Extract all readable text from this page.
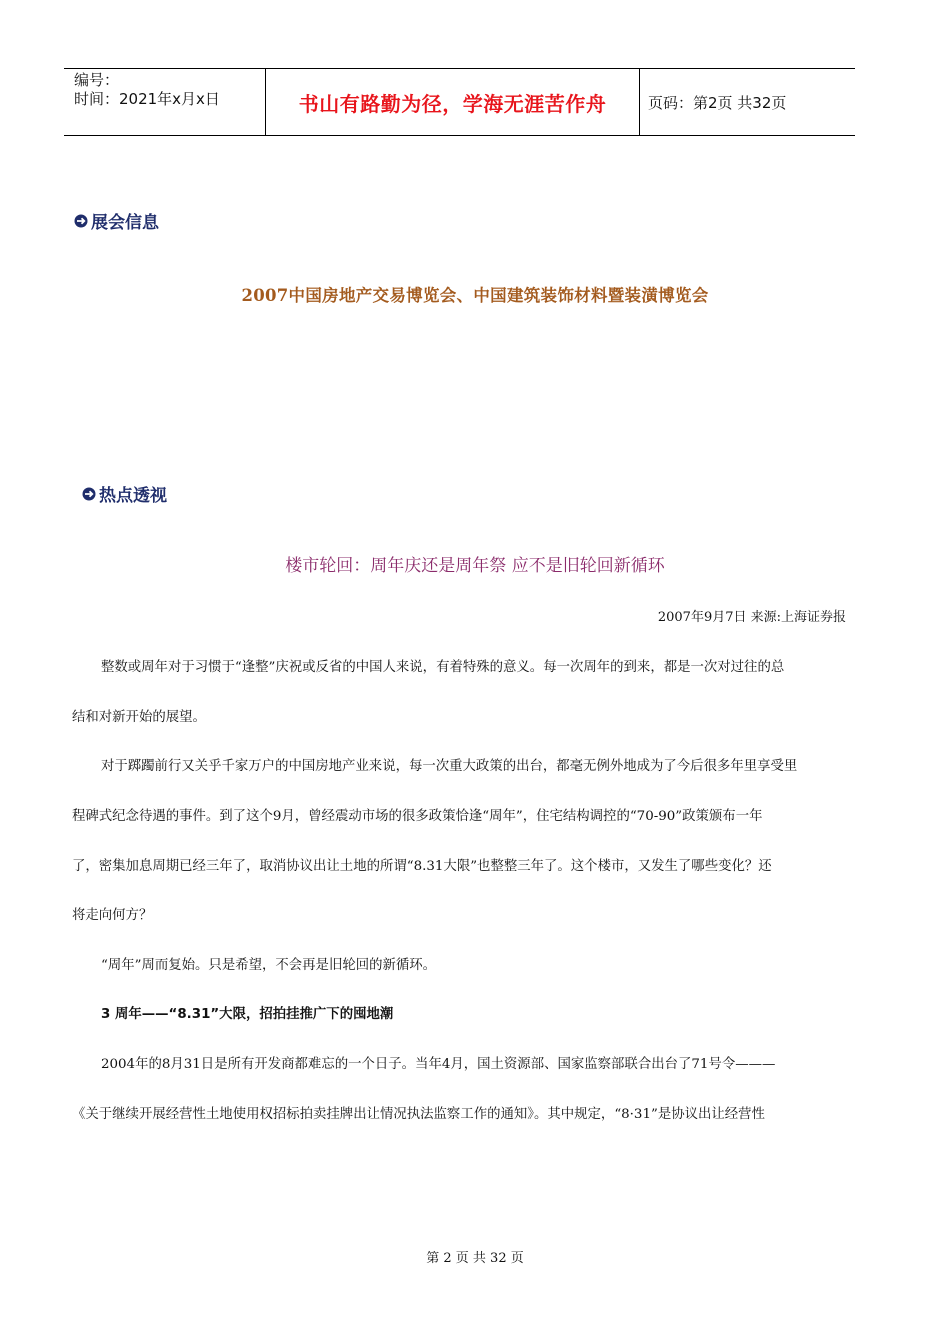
编号：
时间：2021年x月x日	书山有路勤为径，学海无涯苦作舟	页码：第2页 共32页
展会信息
2007中国房地产交易博览会、中国建筑装饰材料暨装潢博览会
热点透视
楼市轮回：周年庆还是周年祭 应不是旧轮回新循环
2007年9月7日 来源:上海证券报
整数或周年对于习惯于“逢整”庆祝或反省的中国人来说，有着特殊的意义。每一次周年的到来，都是一次对过往的总
结和对新开始的展望。
对于踯躅前行又关乎千家万户的中国房地产业来说，每一次重大政策的出台，都毫无例外地成为了今后很多年里享受里
程碑式纪念待遇的事件。到了这个9月，曾经震动市场的很多政策恰逢“周年”，住宅结构调控的“70-90”政策颁布一年
了，密集加息周期已经三年了，取消协议出让土地的所谓“8.31大限”也整整三年了。这个楼市，又发生了哪些变化？还
将走向何方？
“周年”周而复始。只是希望，不会再是旧轮回的新循环。
3 周年——“8.31”大限，招拍挂推广下的囤地潮
2004年的8月31日是所有开发商都难忘的一个日子。当年4月，国土资源部、国家监察部联合出台了71号令———
《关于继续开展经营性土地使用权招标拍卖挂牌出让情况执法监察工作的通知》。其中规定，“8·31”是协议出让经营性
第 2 页 共 32 页
